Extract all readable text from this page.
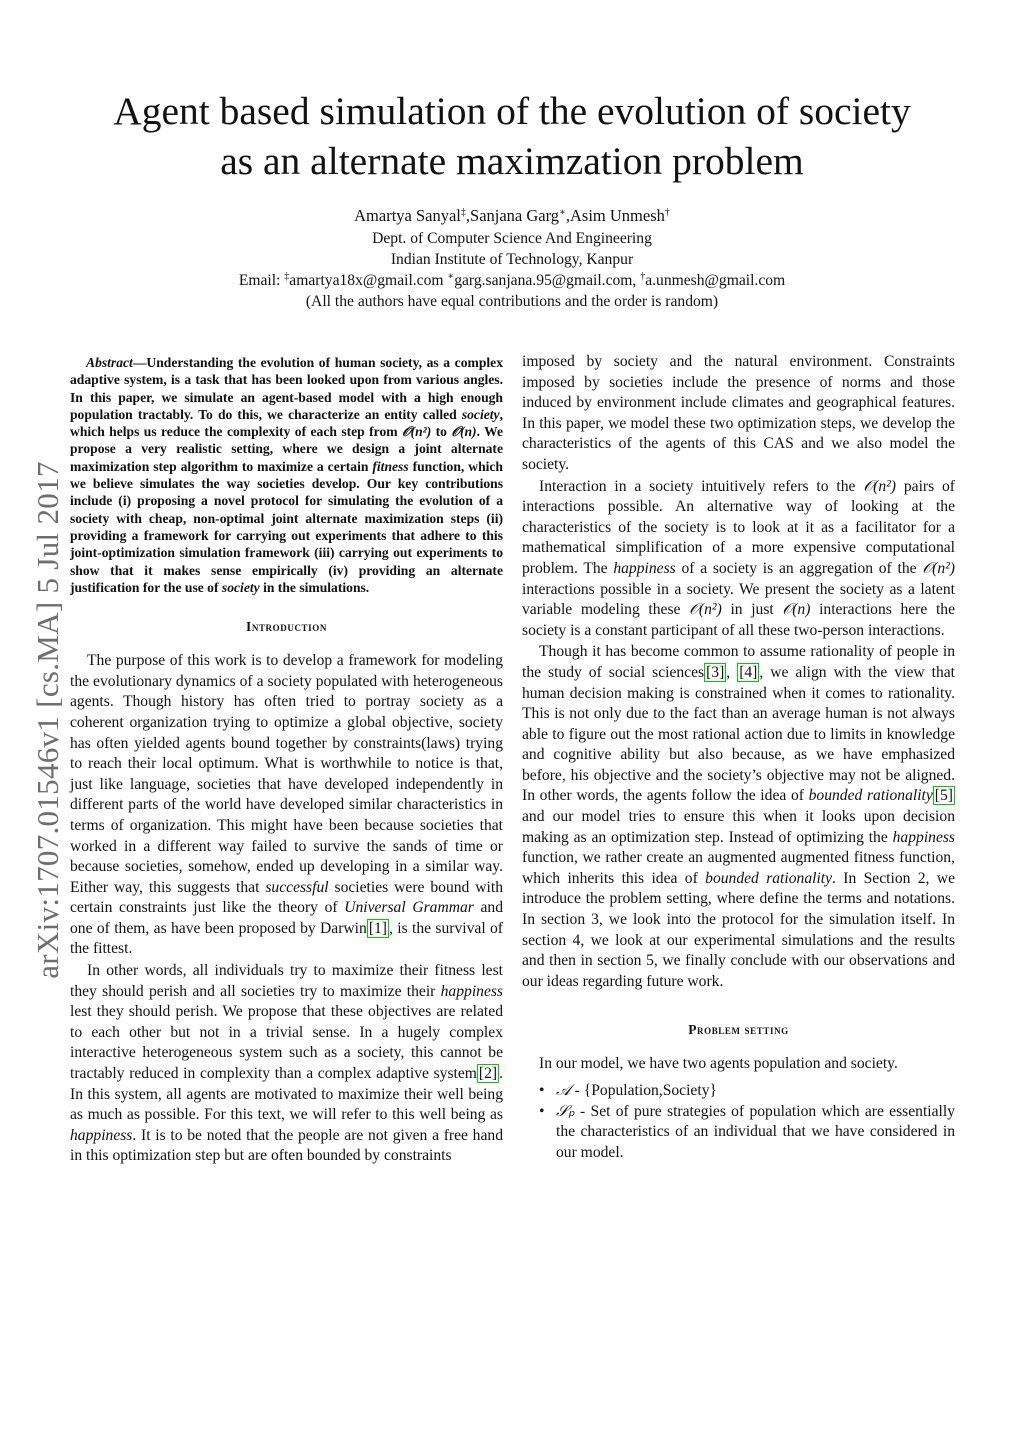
arXiv:1707.01546v1 [cs.MA] 5 Jul 2017
Agent based simulation of the evolution of society
as an alternate maximzation problem
Amartya Sanyal‡,Sanjana Garg∗,Asim Unmesh†
Dept. of Computer Science And Engineering
Indian Institute of Technology, Kanpur
Email: ‡amartya18x@gmail.com ∗garg.sanjana.95@gmail.com, †a.unmesh@gmail.com
(All the authors have equal contributions and the order is random)

Abstract—Understanding the evolution of human society, as a complex adaptive system, is a task that has been looked upon from various angles. In this paper, we simulate an agent-based model with a high enough population tractably. To do this, we characterize an entity called society, which helps us reduce the complexity of each step from 𝒪(n²) to 𝒪(n). We propose a very realistic setting, where we design a joint alternate maximization step algorithm to maximize a certain fitness function, which we believe simulates the way societies develop. Our key contributions include (i) proposing a novel protocol for simulating the evolution of a society with cheap, non-optimal joint alternate maximization steps (ii) providing a framework for carrying out experiments that adhere to this joint-optimization simulation framework (iii) carrying out experiments to show that it makes sense empirically (iv) providing an alternate justification for the use of society in the simulations.

Introduction

The purpose of this work is to develop a framework for modeling the evolutionary dynamics of a society populated with heterogeneous agents. Though history has often tried to portray society as a coherent organization trying to optimize a global objective, society has often yielded agents bound together by constraints(laws) trying to reach their local optimum. What is worthwhile to notice is that, just like language, societies that have developed independently in different parts of the world have developed similar characteristics in terms of organization. This might have been because societies that worked in a different way failed to survive the sands of time or because societies, somehow, ended up developing in a similar way. Either way, this suggests that successful societies were bound with certain constraints just like the theory of Universal Grammar and one of them, as have been proposed by Darwin [1] , is the survival of the fittest.

In other words, all individuals try to maximize their fitness lest they should perish and all societies try to maximize their happiness lest they should perish. We propose that these objectives are related to each other but not in a trivial sense. In a hugely complex interactive heterogeneous system such as a society, this cannot be tractably reduced in complexity than a complex adaptive system [2] . In this system, all agents are motivated to maximize their well being as much as possible. For this text, we will refer to this well being as happiness. It is to be noted that the people are not given a free hand in this optimization step but are often bounded by constraints

imposed by society and the natural environment. Constraints imposed by societies include the presence of norms and those induced by environment include climates and geographical features. In this paper, we model these two optimization steps, we develop the characteristics of the agents of this CAS and we also model the society.

Interaction in a society intuitively refers to the 𝒪(n²) pairs of interactions possible. An alternative way of looking at the characteristics of the society is to look at it as a facilitator for a mathematical simplification of a more expensive computational problem. The happiness of a society is an aggregation of the 𝒪(n²) interactions possible in a society. We present the society as a latent variable modeling these 𝒪(n²) in just 𝒪(n) interactions here the society is a constant participant of all these two-person interactions.

Though it has become common to assume rationality of people in the study of social sciences [3] , [4] , we align with the view that human decision making is constrained when it comes to rationality. This is not only due to the fact than an average human is not always able to figure out the most rational action due to limits in knowledge and cognitive ability but also because, as we have emphasized before, his objective and the society’s objective may not be aligned. In other words, the agents follow the idea of bounded rationality [5] and our model tries to ensure this when it looks upon decision making as an optimization step. Instead of optimizing the happiness function, we rather create an augmented augmented fitness function, which inherits this idea of bounded rationality. In Section 2, we introduce the problem setting, where define the terms and notations. In section 3, we look into the protocol for the simulation itself. In section 4, we look at our experimental simulations and the results and then in section 5, we finally conclude with our observations and our ideas regarding future work.

Problem setting

In our model, we have two agents population and society.

• 𝒜 - {Population,Society}
• 𝒮ₚ - Set of pure strategies of population which are essentially the characteristics of an individual that we have considered in our model.
